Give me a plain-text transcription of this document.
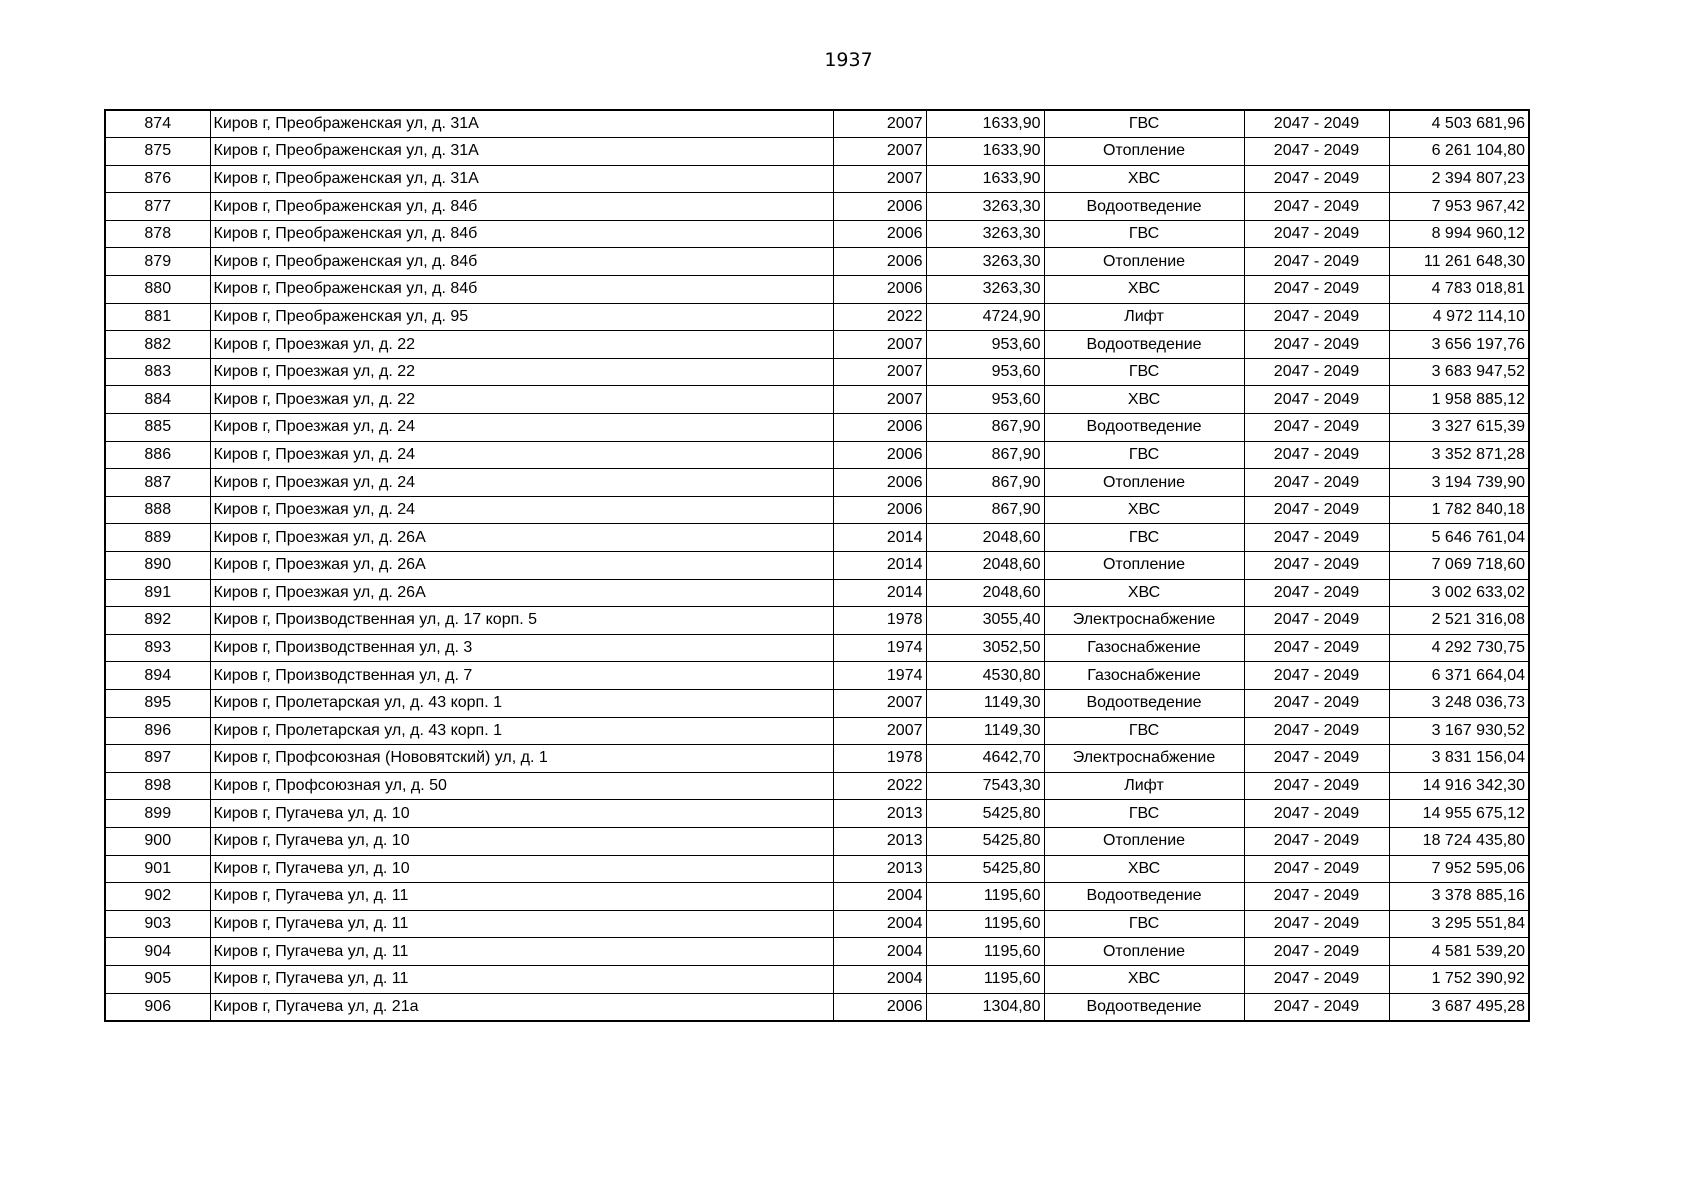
1937
874	Киров г, Преображенская ул, д. 31А	2007	1633,90	ГВС	2047 - 2049	4 503 681,96
875	Киров г, Преображенская ул, д. 31А	2007	1633,90	Отопление	2047 - 2049	6 261 104,80
876	Киров г, Преображенская ул, д. 31А	2007	1633,90	ХВС	2047 - 2049	2 394 807,23
877	Киров г, Преображенская ул, д. 84б	2006	3263,30	Водоотведение	2047 - 2049	7 953 967,42
878	Киров г, Преображенская ул, д. 84б	2006	3263,30	ГВС	2047 - 2049	8 994 960,12
879	Киров г, Преображенская ул, д. 84б	2006	3263,30	Отопление	2047 - 2049	11 261 648,30
880	Киров г, Преображенская ул, д. 84б	2006	3263,30	ХВС	2047 - 2049	4 783 018,81
881	Киров г, Преображенская ул, д. 95	2022	4724,90	Лифт	2047 - 2049	4 972 114,10
882	Киров г, Проезжая ул, д. 22	2007	953,60	Водоотведение	2047 - 2049	3 656 197,76
883	Киров г, Проезжая ул, д. 22	2007	953,60	ГВС	2047 - 2049	3 683 947,52
884	Киров г, Проезжая ул, д. 22	2007	953,60	ХВС	2047 - 2049	1 958 885,12
885	Киров г, Проезжая ул, д. 24	2006	867,90	Водоотведение	2047 - 2049	3 327 615,39
886	Киров г, Проезжая ул, д. 24	2006	867,90	ГВС	2047 - 2049	3 352 871,28
887	Киров г, Проезжая ул, д. 24	2006	867,90	Отопление	2047 - 2049	3 194 739,90
888	Киров г, Проезжая ул, д. 24	2006	867,90	ХВС	2047 - 2049	1 782 840,18
889	Киров г, Проезжая ул, д. 26А	2014	2048,60	ГВС	2047 - 2049	5 646 761,04
890	Киров г, Проезжая ул, д. 26А	2014	2048,60	Отопление	2047 - 2049	7 069 718,60
891	Киров г, Проезжая ул, д. 26А	2014	2048,60	ХВС	2047 - 2049	3 002 633,02
892	Киров г, Производственная ул, д. 17 корп. 5	1978	3055,40	Электроснабжение	2047 - 2049	2 521 316,08
893	Киров г, Производственная ул, д. 3	1974	3052,50	Газоснабжение	2047 - 2049	4 292 730,75
894	Киров г, Производственная ул, д. 7	1974	4530,80	Газоснабжение	2047 - 2049	6 371 664,04
895	Киров г, Пролетарская ул, д. 43 корп. 1	2007	1149,30	Водоотведение	2047 - 2049	3 248 036,73
896	Киров г, Пролетарская ул, д. 43 корп. 1	2007	1149,30	ГВС	2047 - 2049	3 167 930,52
897	Киров г, Профсоюзная (Нововятский) ул, д. 1	1978	4642,70	Электроснабжение	2047 - 2049	3 831 156,04
898	Киров г, Профсоюзная ул, д. 50	2022	7543,30	Лифт	2047 - 2049	14 916 342,30
899	Киров г, Пугачева ул, д. 10	2013	5425,80	ГВС	2047 - 2049	14 955 675,12
900	Киров г, Пугачева ул, д. 10	2013	5425,80	Отопление	2047 - 2049	18 724 435,80
901	Киров г, Пугачева ул, д. 10	2013	5425,80	ХВС	2047 - 2049	7 952 595,06
902	Киров г, Пугачева ул, д. 11	2004	1195,60	Водоотведение	2047 - 2049	3 378 885,16
903	Киров г, Пугачева ул, д. 11	2004	1195,60	ГВС	2047 - 2049	3 295 551,84
904	Киров г, Пугачева ул, д. 11	2004	1195,60	Отопление	2047 - 2049	4 581 539,20
905	Киров г, Пугачева ул, д. 11	2004	1195,60	ХВС	2047 - 2049	1 752 390,92
906	Киров г, Пугачева ул, д. 21а	2006	1304,80	Водоотведение	2047 - 2049	3 687 495,28
